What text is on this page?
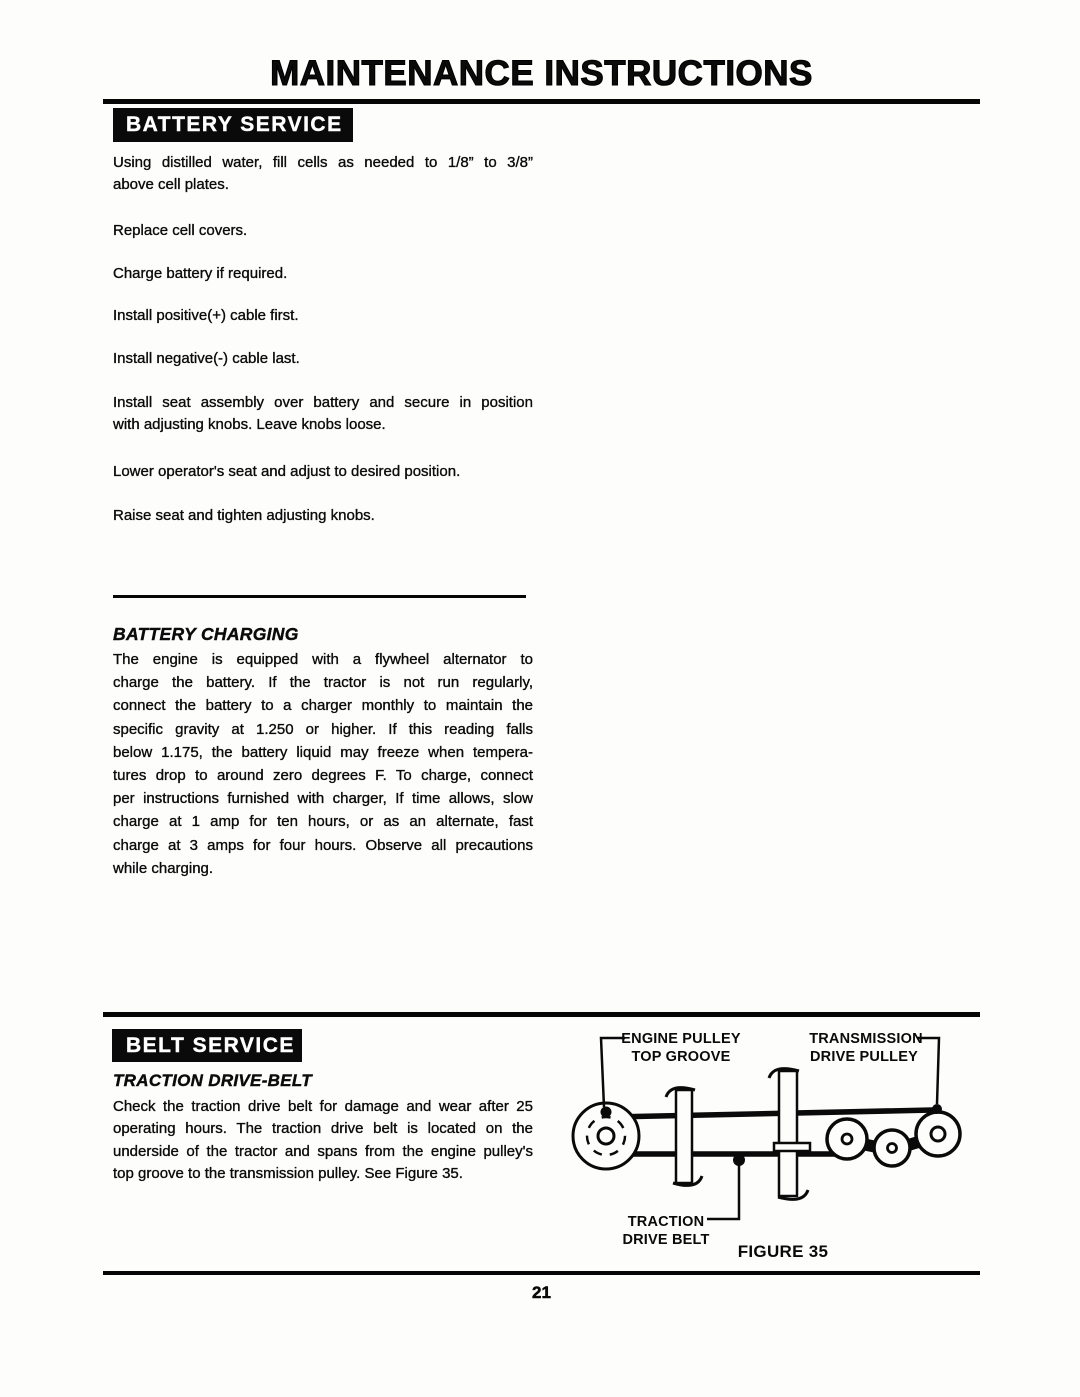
MAINTENANCE INSTRUCTIONS
BATTERY SERVICE
Using distilled water, fill cells as needed to 1/8” to 3/8”
above cell plates.
Replace cell covers.
Charge battery if required.
Install positive(+) cable first.
Install negative(-) cable last.
Install seat assembly over battery and secure in position
with adjusting knobs. Leave knobs loose.
Lower operator's seat and adjust to desired position.
Raise seat and tighten adjusting knobs.
BATTERY CHARGING
The engine is equipped with a flywheel alternator to
charge the battery. If the tractor is not run regularly,
connect the battery to a charger monthly to maintain the
specific gravity at 1.250 or higher. If this reading falls
below 1.175, the battery liquid may freeze when tempera-
tures drop to around zero degrees F. To charge, connect
per instructions furnished with charger, If time allows, slow
charge at 1 amp for ten hours, or as an alternate, fast
charge at 3 amps for four hours. Observe all precautions
while charging.
BELT SERVICE
TRACTION DRIVE-BELT
Check the traction drive belt for damage and wear after 25
operating hours. The traction drive belt is located on the
underside of the tractor and spans from the engine pulley's
top groove to the transmission pulley. See Figure 35.
ENGINE PULLEY
TOP GROOVE
TRANSMISSION
DRIVE PULLEY
TRACTION
DRIVE BELT
FIGURE 35
21
